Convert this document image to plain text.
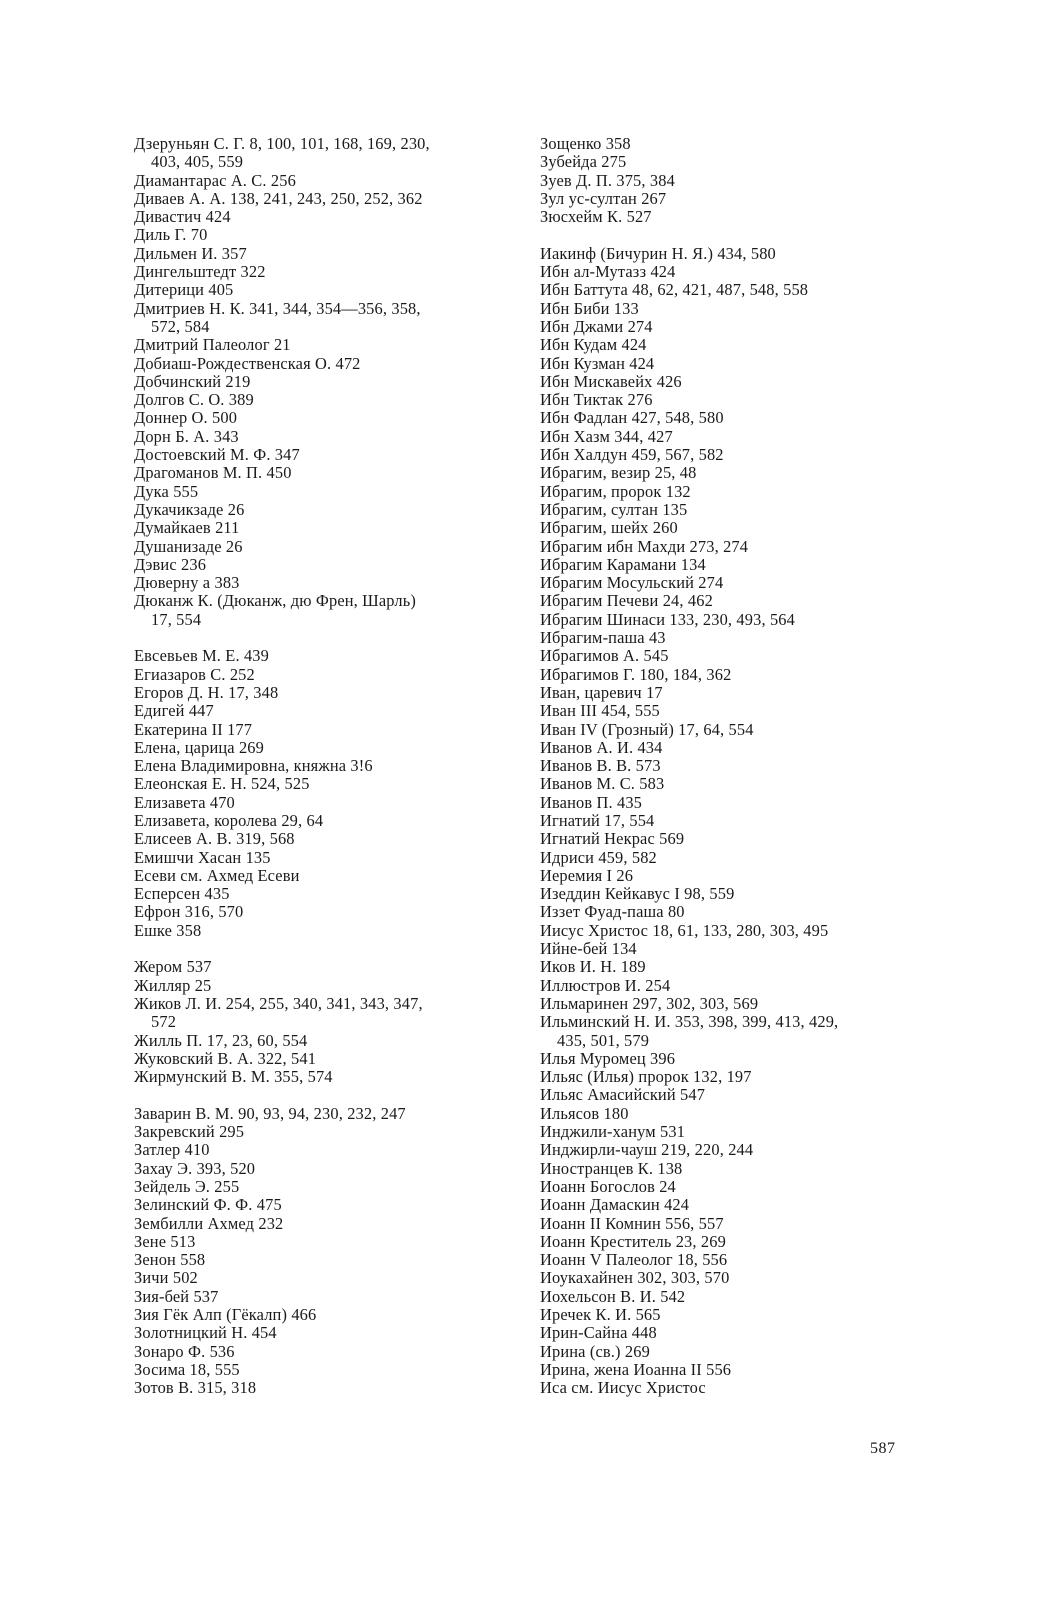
Дзеруньян С. Г. 8, 100, 101, 168, 169, 230,
403, 405, 559
Диамантарас А. С. 256
Диваев А. А. 138, 241, 243, 250, 252, 362
Дивастич 424
Диль Г. 70
Дильмен И. 357
Дингельштедт 322
Дитерици 405
Дмитриев Н. К. 341, 344, 354—356, 358,
572, 584
Дмитрий Палеолог 21
Добиаш-Рождественская О. 472
Добчинский 219
Долгов С. О. 389
Доннер О. 500
Дорн Б. А. 343
Достоевский М. Ф. 347
Драгоманов М. П. 450
Дука 555
Дукачикзаде 26
Думайкаев 211
Душанизаде 26
Дэвис 236
Дюверну а 383
Дюканж К. (Дюканж, дю Френ, Шарль)
17, 554
Евсевьев М. Е. 439
Егиазаров С. 252
Егоров Д. Н. 17, 348
Едигей 447
Екатерина II 177
Елена, царица 269
Елена Владимировна, княжна 3!6
Елеонская Е. Н. 524, 525
Елизавета 470
Елизавета, королева 29, 64
Елисеев А. В. 319, 568
Емишчи Хасан 135
Есеви см. Ахмед Есеви
Есперсен 435
Ефрон 316, 570
Ешке 358
Жером 537
Жилляр 25
Жиков Л. И. 254, 255, 340, 341, 343, 347,
572
Жилль П. 17, 23, 60, 554
Жуковский В. А. 322, 541
Жирмунский В. М. 355, 574
Заварин В. М. 90, 93, 94, 230, 232, 247
Закревский 295
Затлер 410
Захау Э. 393, 520
Зейдель Э. 255
Зелинский Ф. Ф. 475
Зембилли Ахмед 232
Зене 513
Зенон 558
Зичи 502
Зия-бей 537
Зия Гёк Алп (Гёкалп) 466
Золотницкий Н. 454
Зонаро Ф. 536
Зосима 18, 555
Зотов В. 315, 318
Зощенко 358
Зубейда 275
Зуев Д. П. 375, 384
Зул ус-султан 267
Зюсхейм К. 527
Иакинф (Бичурин Н. Я.) 434, 580
Ибн ал-Мутазз 424
Ибн Баттута 48, 62, 421, 487, 548, 558
Ибн Биби 133
Ибн Джами 274
Ибн Кудам 424
Ибн Кузман 424
Ибн Мискавейх 426
Ибн Тиктак 276
Ибн Фадлан 427, 548, 580
Ибн Хазм 344, 427
Ибн Халдун 459, 567, 582
Ибрагим, везир 25, 48
Ибрагим, пророк 132
Ибрагим, султан 135
Ибрагим, шейх 260
Ибрагим ибн Махди 273, 274
Ибрагим Карамани 134
Ибрагим Мосульский 274
Ибрагим Печеви 24, 462
Ибрагим Шинаси 133, 230, 493, 564
Ибрагим-паша 43
Ибрагимов А. 545
Ибрагимов Г. 180, 184, 362
Иван, царевич 17
Иван III 454, 555
Иван IV (Грозный) 17, 64, 554
Иванов А. И. 434
Иванов В. В. 573
Иванов М. С. 583
Иванов П. 435
Игнатий 17, 554
Игнатий Некрас 569
Идриси 459, 582
Иеремия I 26
Изеддин Кейкавус I 98, 559
Иззет Фуад-паша 80
Иисус Христос 18, 61, 133, 280, 303, 495
Ийне-бей 134
Иков И. Н. 189
Иллюстров И. 254
Ильмаринен 297, 302, 303, 569
Ильминский Н. И. 353, 398, 399, 413, 429,
435, 501, 579
Илья Муромец 396
Ильяс (Илья) пророк 132, 197
Ильяс Амасийский 547
Ильясов 180
Инджили-ханум 531
Инджирли-чауш 219, 220, 244
Иностранцев К. 138
Иоанн Богослов 24
Иоанн Дамаскин 424
Иоанн II Комнин 556, 557
Иоанн Креститель 23, 269
Иоанн V Палеолог 18, 556
Иоукахайнен 302, 303, 570
Иохельсон В. И. 542
Иречек К. И. 565
Ирин-Сайна 448
Ирина (св.) 269
Ирина, жена Иоанна II 556
Иса см. Иисус Христос
587
